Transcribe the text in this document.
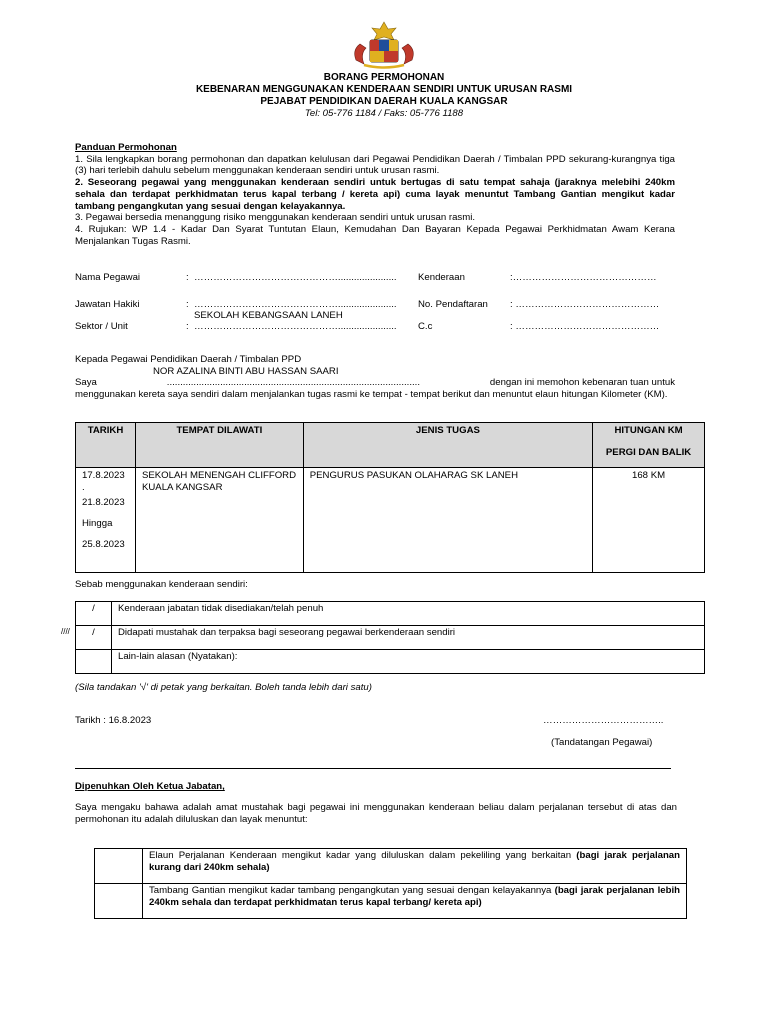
BORANG PERMOHONAN
KEBENARAN MENGGUNAKAN KENDERAAN SENDIRI UNTUK URUSAN RASMI
PEJABAT PENDIDIKAN DAERAH KUALA KANGSAR
Tel: 05-776 1184 / Faks: 05-776 1188

Panduan Permohonan

1. Sila lengkapkan borang permohonan dan dapatkan kelulusan dari Pegawai Pendidikan Daerah / Timbalan PPD sekurang-kurangnya tiga (3) hari terlebih dahulu sebelum menggunakan kenderaan sendiri untuk urusan rasmi.

2. Seseorang pegawai yang menggunakan kenderaan sendiri untuk bertugas di satu tempat sahaja (jaraknya melebihi 240km sehala dan terdapat perkhidmatan terus kapal terbang / kereta api) cuma layak menuntut Tambang Gantian mengikut kadar tambang pengangkutan yang sesuai dengan kelayakannya.

3. Pegawai bersedia menanggung risiko menggunakan kenderaan sendiri untuk urusan rasmi.

4. Rujukan: WP 1.4 - Kadar Dan Syarat Tuntutan Elaun, Kemudahan Dan Bayaran Kepada Pegawai Perkhidmatan Awam Kerana Menjalankan Tugas Rasmi.

Nama Pegawai	: ………………………………………...................... Kenderaan	:………………………………………
Jawatan Hakiki	: ………………………………………...................... No. Pendaftaran : ………………………………………
SEKOLAH KEBANGSAAN LANEH
Sektor / Unit	: ………………………………………...................... C.c	: ………………………………………
Kepada Pegawai Pendidikan Daerah / Timbalan PPD
NOR AZALINA BINTI ABU HASSAN SAARI
Saya	...............................................................................................	dengan ini memohon kebenaran tuan untuk
menggunakan kereta saya sendiri dalam menjalankan tugas rasmi ke tempat - tempat berikut dan menuntut elaun hitungan Kilometer (KM).
TARIKH	TEMPAT DILAWATI	JENIS TUGAS	HITUNGAN KM
PERGI DAN BALIK

17.8.2023
.
21.8.2023
Hingga
25.8.2023	SEKOLAH MENENGAH CLIFFORD KUALA KANGSAR	PENGURUS PASUKAN OLAHARAG SK LANEH	168 KM
Sebab menggunakan kenderaan sendiri:
////
/	Kenderaan jabatan tidak disediakan/telah penuh
/	Didapati mustahak dan terpaksa bagi seseorang pegawai berkenderaan sendiri
	Lain-lain alasan (Nyatakan):
(Sila tandakan '√' di petak yang berkaitan. Boleh tanda lebih dari satu)
Tarikh : 16.8.2023	………………………………..
(Tandatangan Pegawai)
Dipenuhkan Oleh Ketua Jabatan,
Saya mengaku bahawa adalah amat mustahak bagi pegawai ini menggunakan kenderaan beliau dalam perjalanan tersebut di atas dan permohonan itu adalah diluluskan dan layak menuntut:
	Elaun Perjalanan Kenderaan mengikut kadar yang diluluskan dalam pekeliling yang berkaitan (bagi jarak perjalanan kurang dari 240km sehala)
	Tambang Gantian mengikut kadar tambang pengangkutan yang sesuai dengan kelayakannya (bagi jarak perjalanan lebih 240km sehala dan terdapat perkhidmatan terus kapal terbang/ kereta api)
